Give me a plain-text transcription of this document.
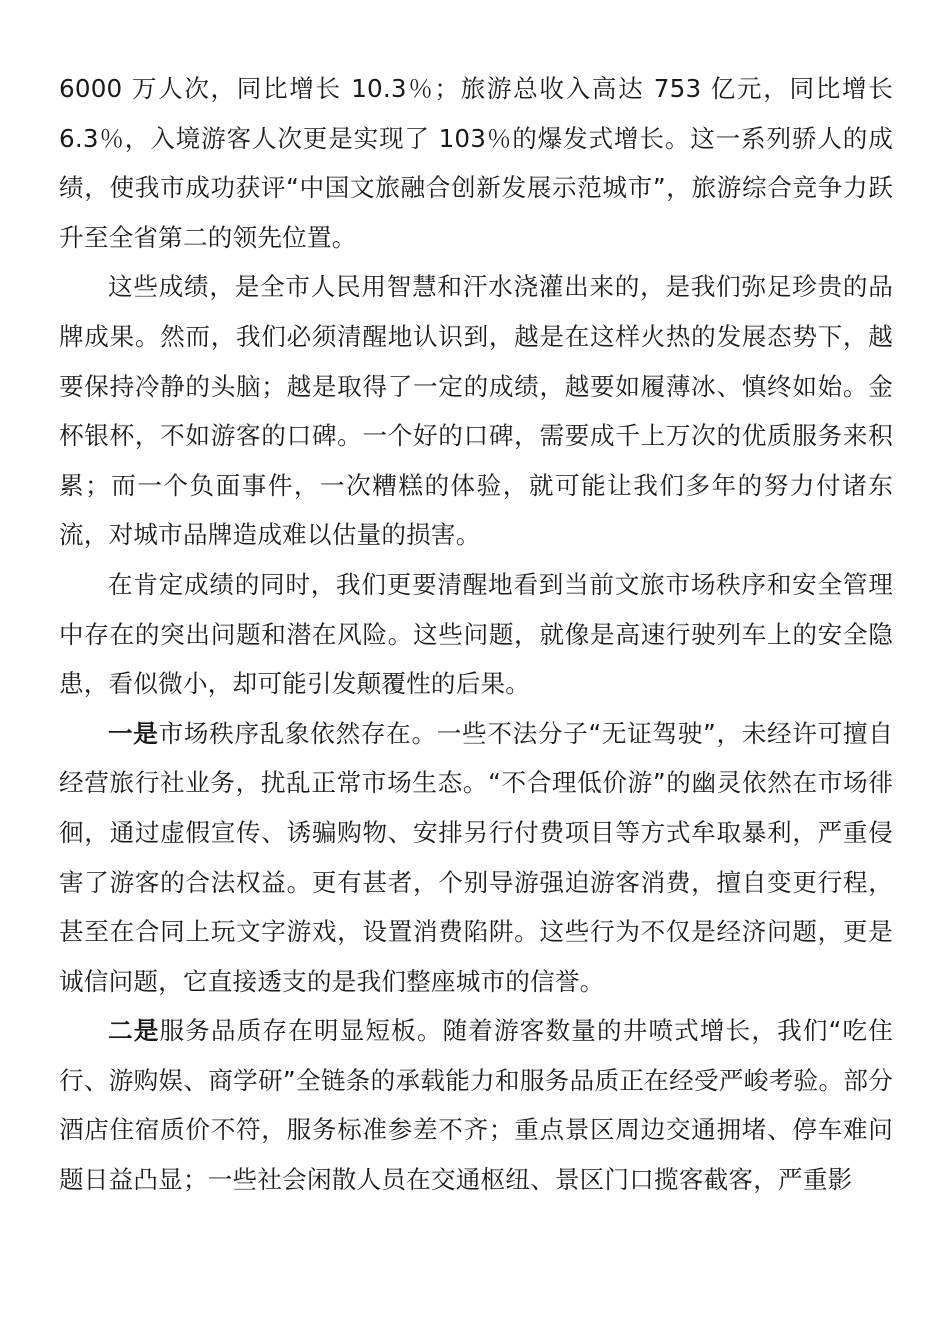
6000 万人次，同比增长 10.3％；旅游总收入高达 753 亿元，同比增长 6.3％，入境游客人次更是实现了 103％的爆发式增长。这一系列骄人的成绩，使我市成功获评“中国文旅融合创新发展示范城市”，旅游综合竞争力跃升至全省第二的领先位置。

这些成绩，是全市人民用智慧和汗水浇灌出来的，是我们弥足珍贵的品牌成果。然而，我们必须清醒地认识到，越是在这样火热的发展态势下，越要保持冷静的头脑；越是取得了一定的成绩，越要如履薄冰、慎终如始。金杯银杯，不如游客的口碑。一个好的口碑，需要成千上万次的优质服务来积累；而一个负面事件，一次糟糕的体验，就可能让我们多年的努力付诸东流，对城市品牌造成难以估量的损害。

在肯定成绩的同时，我们更要清醒地看到当前文旅市场秩序和安全管理中存在的突出问题和潜在风险。这些问题，就像是高速行驶列车上的安全隐患，看似微小，却可能引发颠覆性的后果。

一是市场秩序乱象依然存在。一些不法分子“无证驾驶”，未经许可擅自经营旅行社业务，扰乱正常市场生态。“不合理低价游”的幽灵依然在市场徘徊，通过虚假宣传、诱骗购物、安排另行付费项目等方式牟取暴利，严重侵害了游客的合法权益。更有甚者，个别导游强迫游客消费，擅自变更行程，甚至在合同上玩文字游戏，设置消费陷阱。这些行为不仅是经济问题，更是诚信问题，它直接透支的是我们整座城市的信誉。

二是服务品质存在明显短板。随着游客数量的井喷式增长，我们“吃住行、游购娱、商学研”全链条的承载能力和服务品质正在经受严峻考验。部分酒店住宿质价不符，服务标准参差不齐；重点景区周边交通拥堵、停车难问题日益凸显；一些社会闲散人员在交通枢纽、景区门口揽客截客，严重影
